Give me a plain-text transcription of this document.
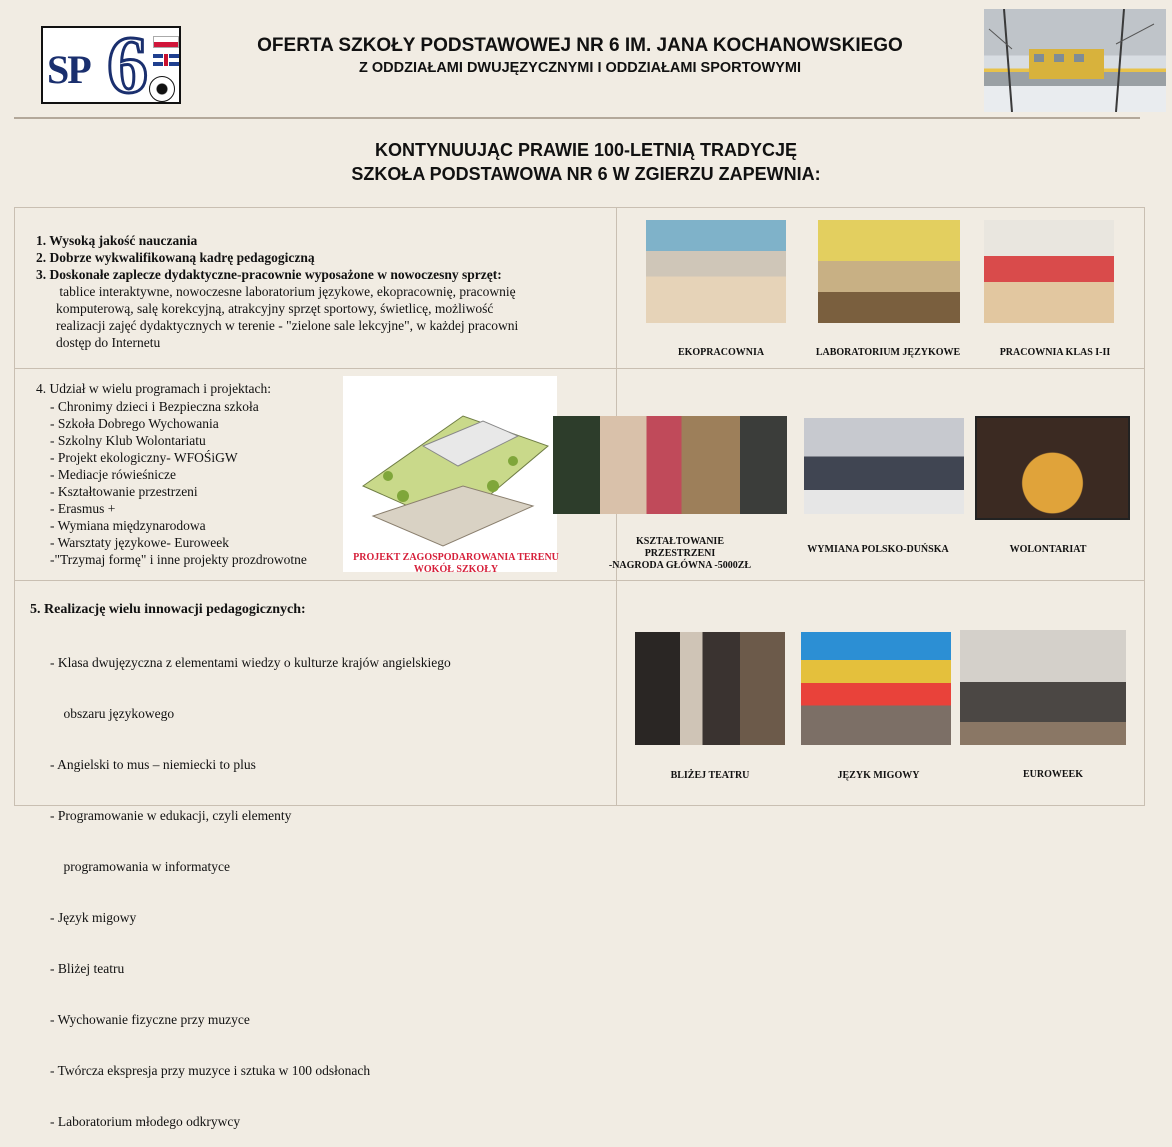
SP 6	OFERTA SZKOŁY PODSTAWOWEJ NR 6 IM. JANA KOCHANOWSKIEGO
Z ODDZIAŁAMI DWUJĘZYCZNYMI I ODDZIAŁAMI SPORTOWYMI
KONTYNUUJĄC PRAWIE 100-LETNIĄ TRADYCJĘ
SZKOŁA PODSTAWOWA NR 6 W ZGIERZU ZAPEWNIA:
1. Wysoką jakość nauczania
2. Dobrze wykwalifikowaną kadrę pedagogiczną
3. Doskonałe zaplecze dydaktyczne-pracownie wyposażone w nowoczesny sprzęt:
tablice interaktywne, nowoczesne laboratorium językowe, ekopracownię, pracownię
komputerową, salę korekcyjną, atrakcyjny sprzęt sportowy, świetlicę, możliwość
realizacji zajęć dydaktycznych w terenie - "zielone sale lekcyjne", w każdej pracowni
dostęp do Internetu
EKOPRACOWNIA	LABORATORIUM JĘZYKOWE	PRACOWNIA KLAS I-II
4. Udział w wielu programach i projektach:
- Chronimy dzieci i Bezpieczna szkoła
- Szkoła Dobrego Wychowania
- Szkolny Klub Wolontariatu
- Projekt ekologiczny- WFOŚiGW
- Mediacje rówieśnicze
- Kształtowanie przestrzeni
- Erasmus +
- Wymiana międzynarodowa
- Warsztaty językowe- Euroweek
-"Trzymaj formę" i inne projekty prozdrowotne	PROJEKT ZAGOSPODAROWANIA TERENU
WOKÓŁ SZKOŁY
KSZTAŁTOWANIE
PRZESTRZENI
-NAGRODA GŁÓWNA -5000ZŁ
WYMIANA POLSKO-DUŃSKA	WOLONTARIAT
5. Realizację wielu innowacji pedagogicznych:

- Klasa dwujęzyczna z elementami wiedzy o kulturze krajów angielskiego

obszaru językowego

- Angielski to mus – niemiecki to plus

- Programowanie w edukacji, czyli elementy

programowania w informatyce

- Język migowy

- Bliżej teatru

- Wychowanie fizyczne przy muzyce

- Twórcza ekspresja przy muzyce i sztuka w 100 odsłonach

- Laboratorium młodego odkrywcy

BLIŻEJ TEATRU	JĘZYK MIGOWY	EUROWEEK
